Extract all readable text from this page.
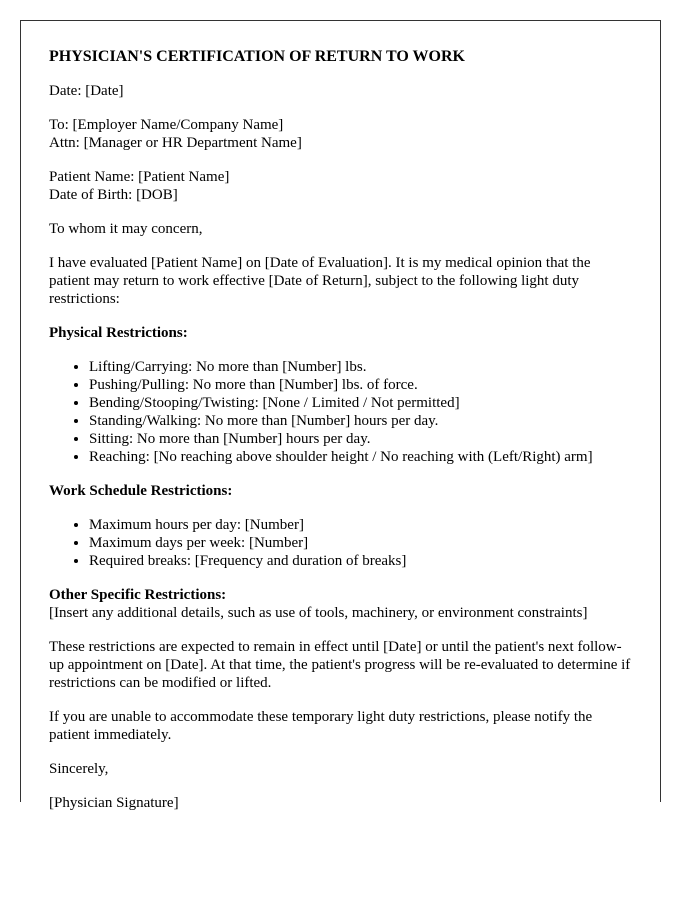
PHYSICIAN'S CERTIFICATION OF RETURN TO WORK

Date: [Date]

To: [Employer Name/Company Name]
Attn: [Manager or HR Department Name]

Patient Name: [Patient Name]
Date of Birth: [DOB]

To whom it may concern,

I have evaluated [Patient Name] on [Date of Evaluation]. It is my medical opinion that the patient may return to work effective [Date of Return], subject to the following light duty restrictions:

Physical Restrictions:
• Lifting/Carrying: No more than [Number] lbs.
• Pushing/Pulling: No more than [Number] lbs. of force.
• Bending/Stooping/Twisting: [None / Limited / Not permitted]
• Standing/Walking: No more than [Number] hours per day.
• Sitting: No more than [Number] hours per day.
• Reaching: [No reaching above shoulder height / No reaching with (Left/Right) arm]
Work Schedule Restrictions:
• Maximum hours per day: [Number]
• Maximum days per week: [Number]
• Required breaks: [Frequency and duration of breaks]
Other Specific Restrictions:

[Insert any additional details, such as use of tools, machinery, or environment constraints]

These restrictions are expected to remain in effect until [Date] or until the patient's next follow-up appointment on [Date]. At that time, the patient's progress will be re-evaluated to determine if restrictions can be modified or lifted.

If you are unable to accommodate these temporary light duty restrictions, please notify the patient immediately.

Sincerely,

[Physician Signature]
